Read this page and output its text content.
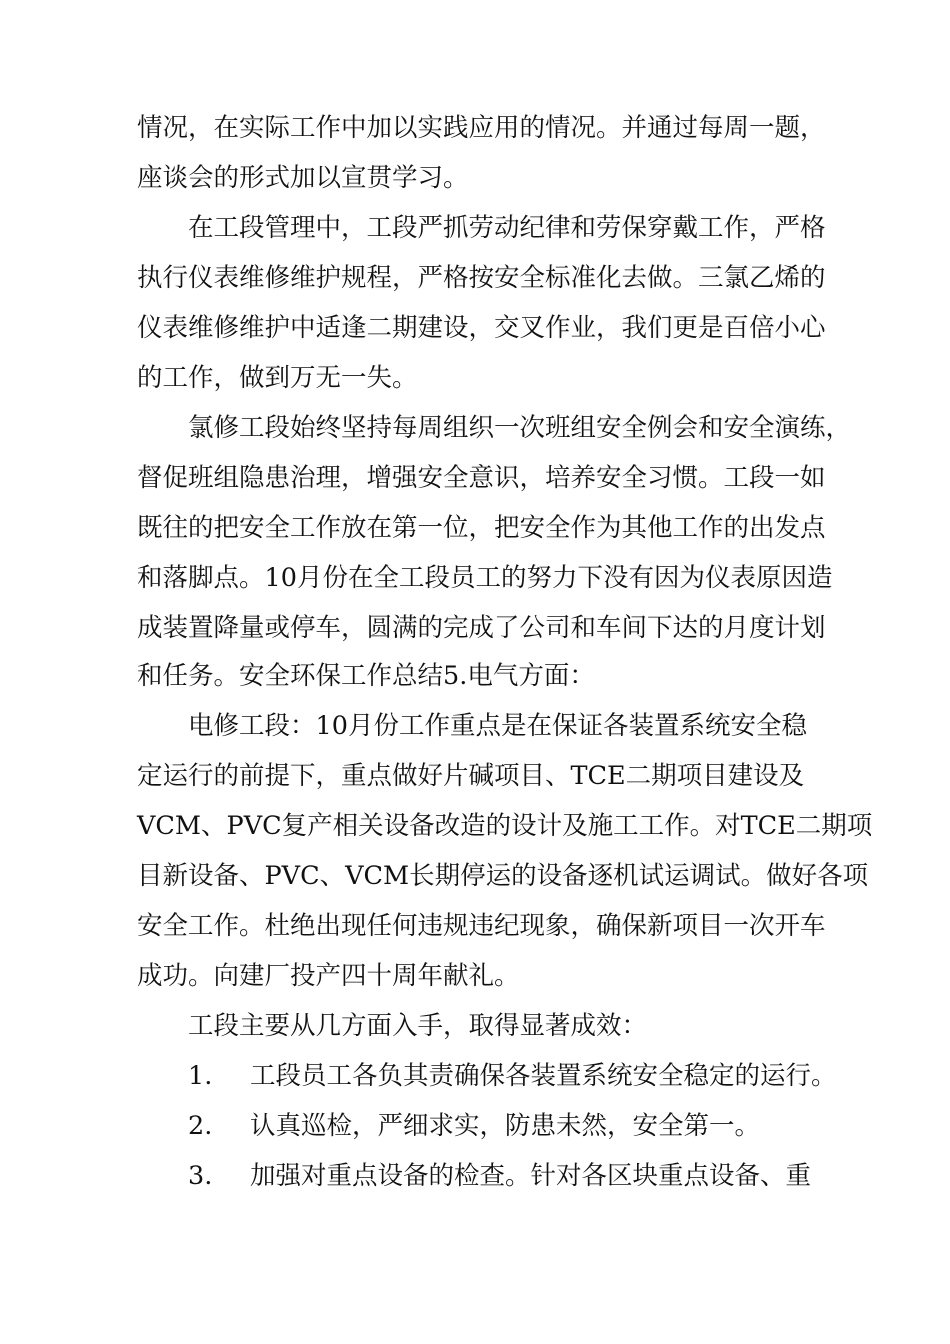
情况，在实际工作中加以实践应用的情况。并通过每周一题，
座谈会的形式加以宣贯学习。
在工段管理中，工段严抓劳动纪律和劳保穿戴工作，严格
执行仪表维修维护规程，严格按安全标准化去做。三氯乙烯的
仪表维修维护中适逢二期建设，交叉作业，我们更是百倍小心
的工作，做到万无一失。
氯修工段始终坚持每周组织一次班组安全例会和安全演练，
督促班组隐患治理，增强安全意识，培养安全习惯。工段一如
既往的把安全工作放在第一位，把安全作为其他工作的出发点
和落脚点。10月份在全工段员工的努力下没有因为仪表原因造
成装置降量或停车，圆满的完成了公司和车间下达的月度计划
和任务。安全环保工作总结5.电气方面：
电修工段：10月份工作重点是在保证各装置系统安全稳
定运行的前提下，重点做好片碱项目、TCE二期项目建设及
VCM、PVC复产相关设备改造的设计及施工工作。对TCE二期项
目新设备、PVC、VCM长期停运的设备逐机试运调试。做好各项
安全工作。杜绝出现任何违规违纪现象，确保新项目一次开车
成功。向建厂投产四十周年献礼。
工段主要从几方面入手，取得显著成效：
1.	工段员工各负其责确保各装置系统安全稳定的运行。
2.	认真巡检，严细求实，防患未然，安全第一。
3.	加强对重点设备的检查。针对各区块重点设备、重
